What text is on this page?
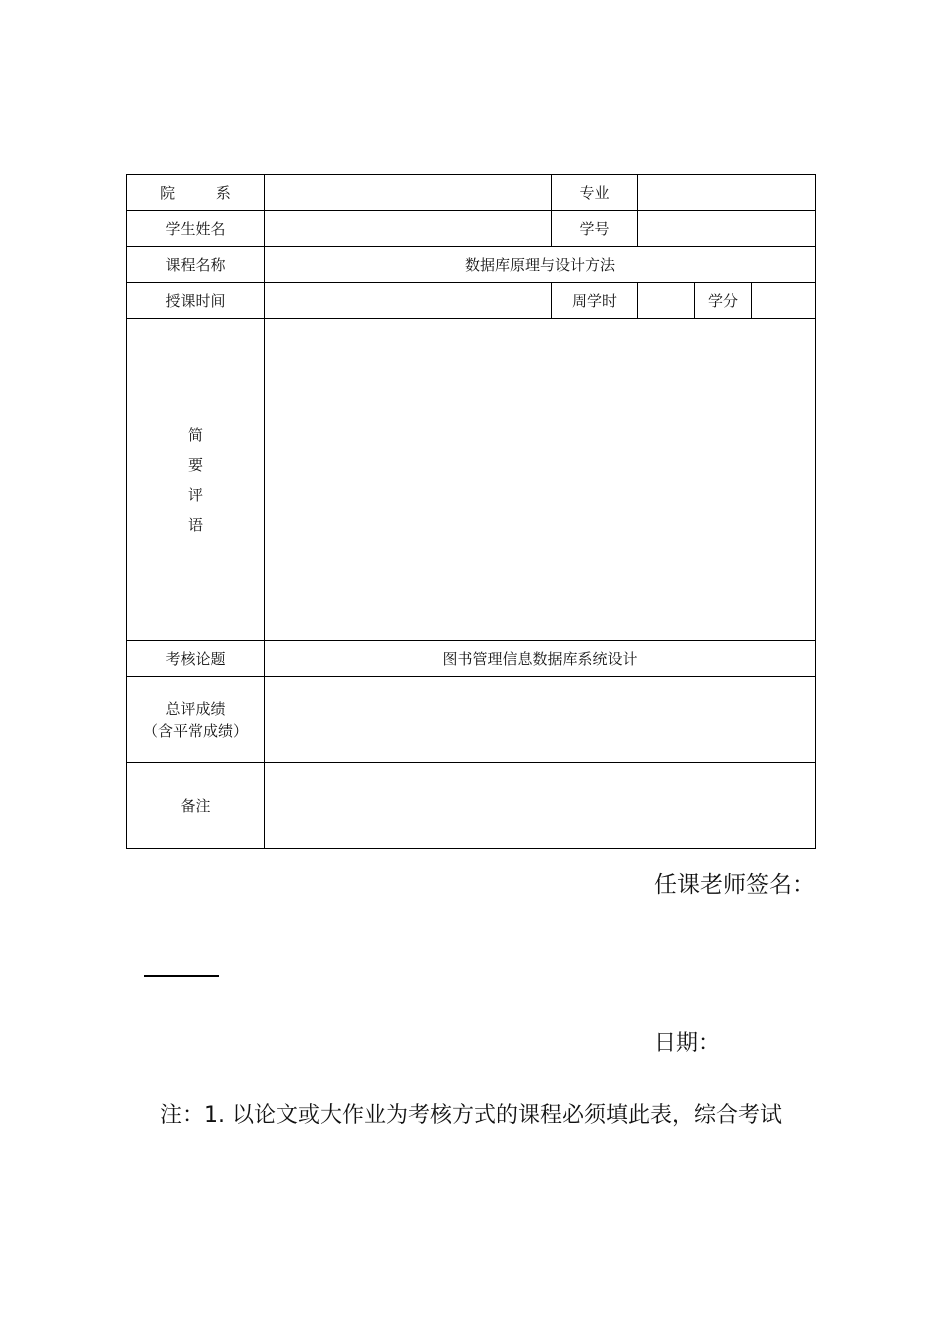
院 系		专业			
学生姓名		学号			
课程名称	数据库原理与设计方法				
授课时间		周学时		学分	

简
要
评
语					

考核论题	图书管理信息数据库系统设计				

总评成绩
（含平常成绩）					

备注					
任课老师签名：
日期：
注：1. 以论文或大作业为考核方式的课程必须填此表，综合考试
